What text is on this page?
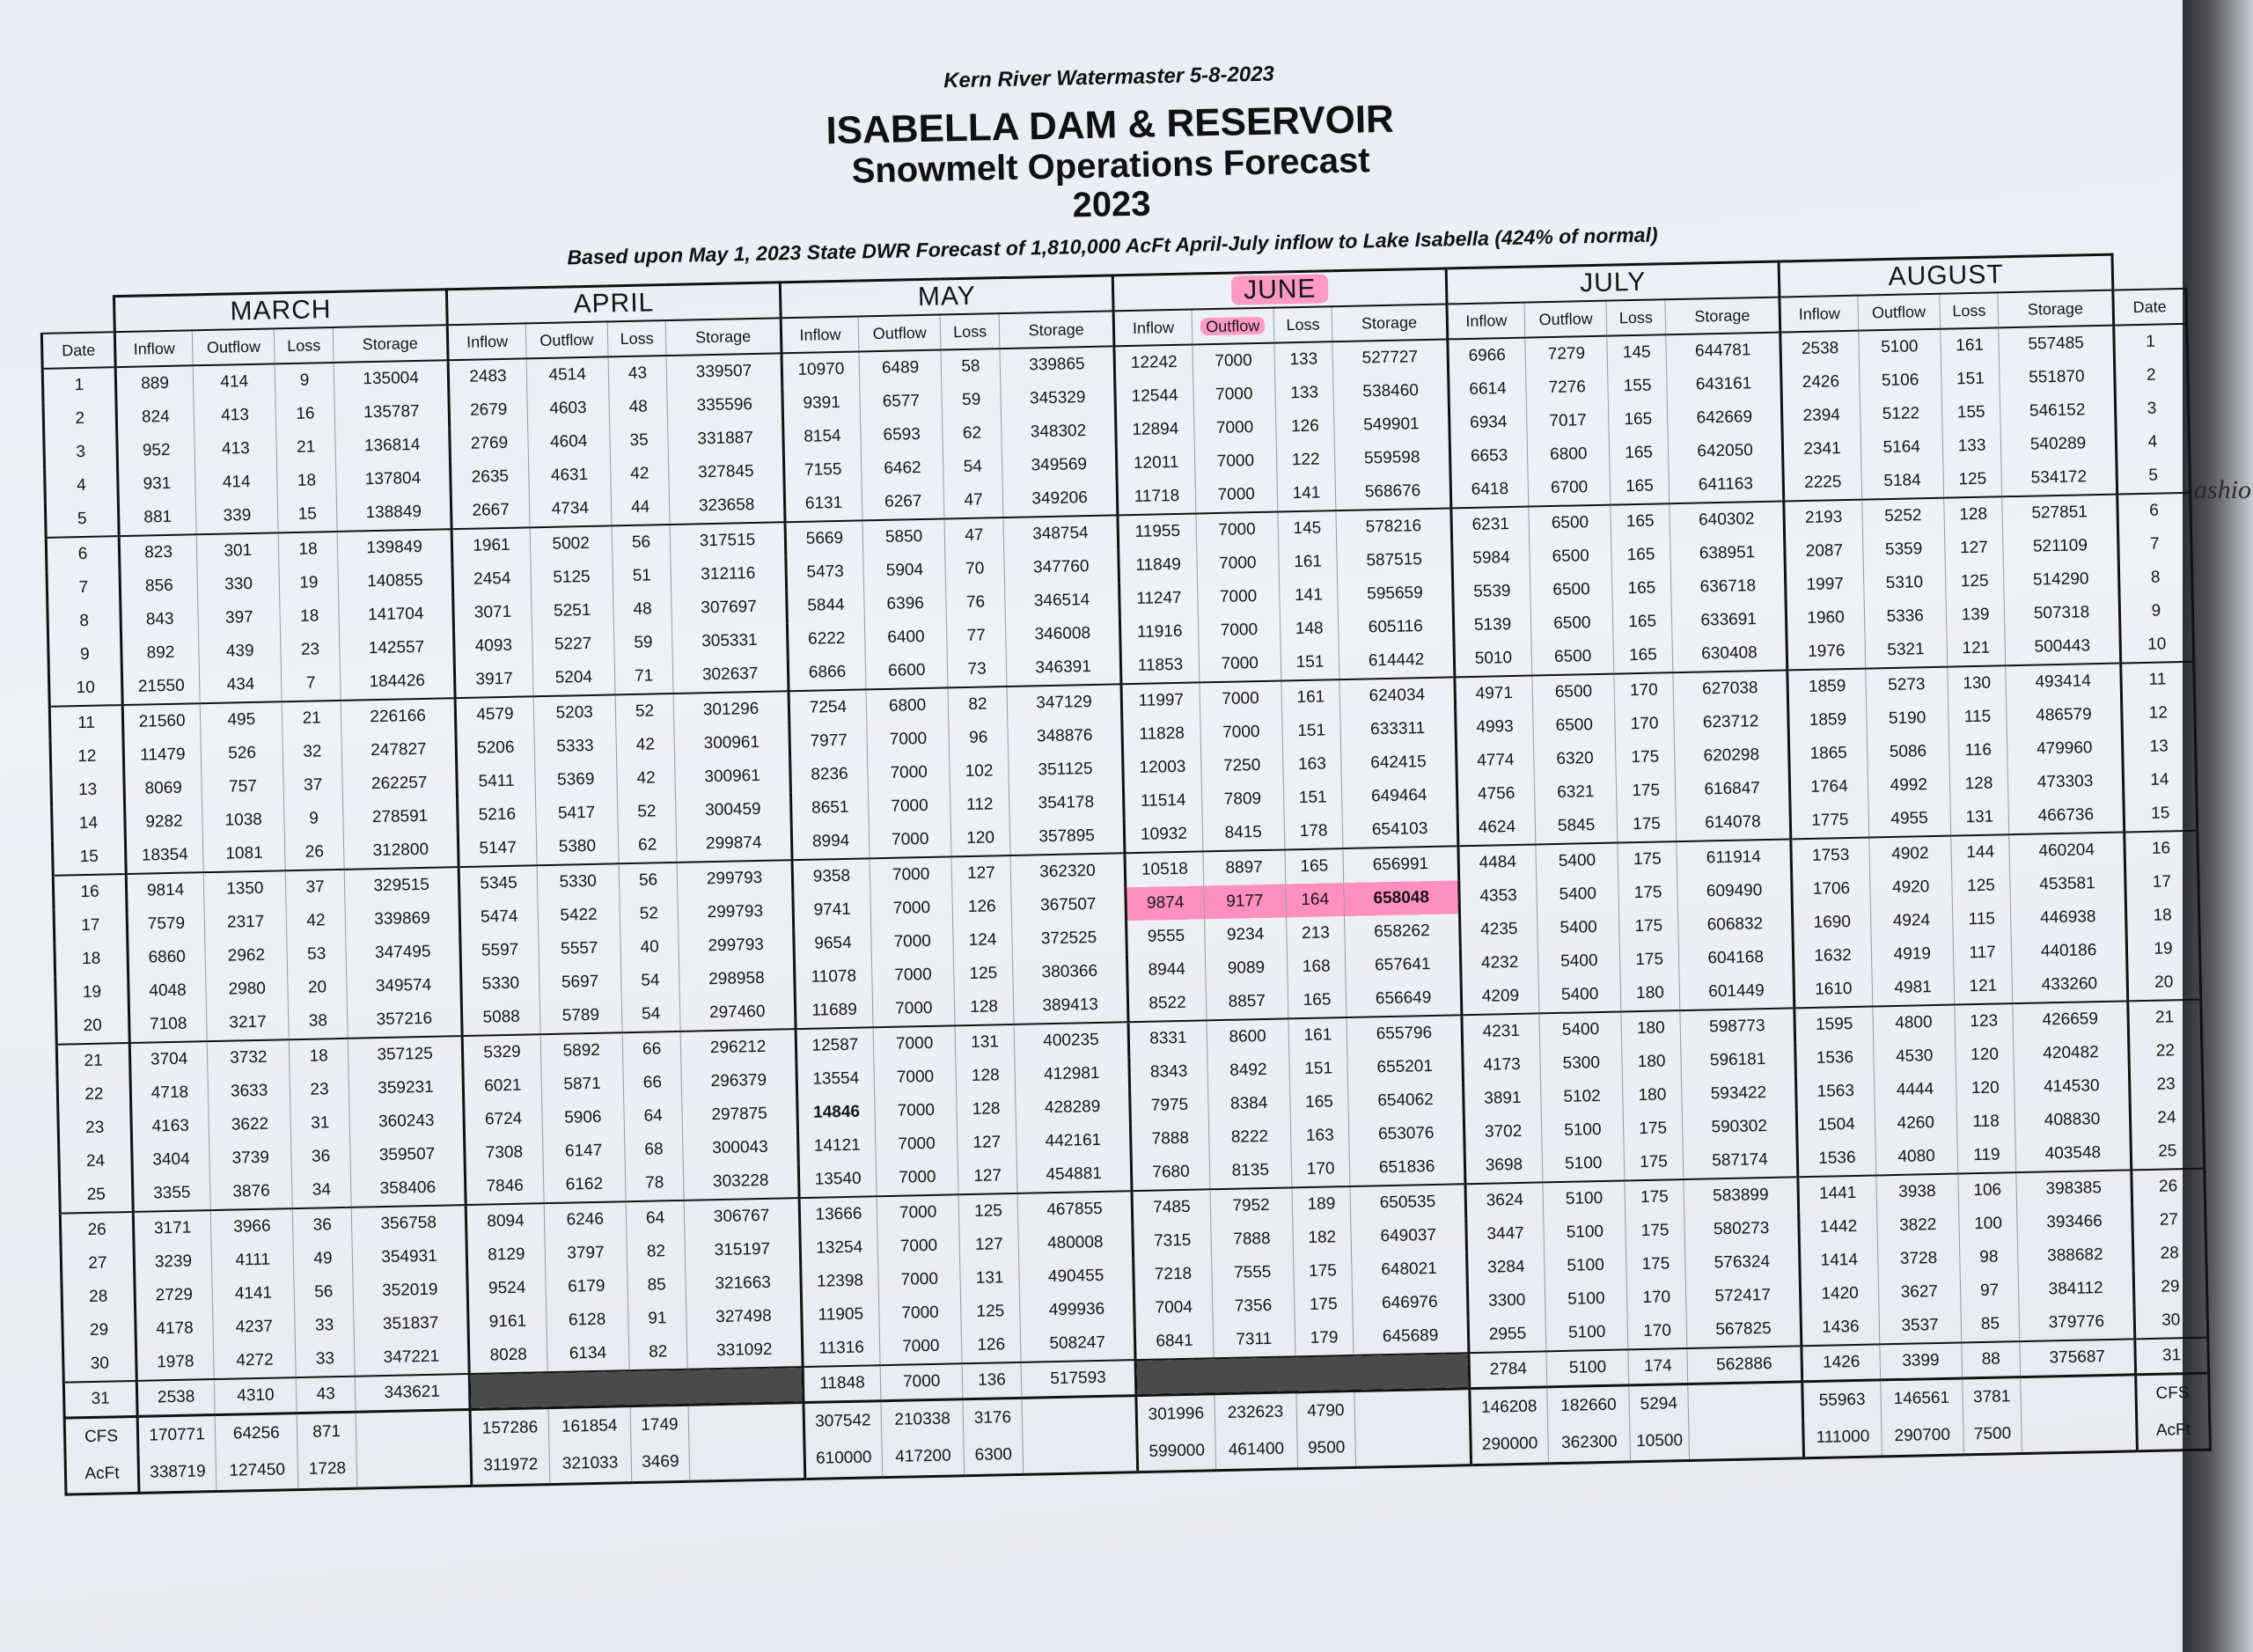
ashio
Kern River Watermaster 5-8-2023
ISABELLA DAM & RESERVOIR
Snowmelt Operations Forecast
2023
Based upon May 1, 2023 State DWR Forecast of 1,810,000 AcFt April-July inflow to Lake Isabella (424% of normal)
	MARCH				APRIL				MAY				JUNE				JULY				AUGUST				
Date	Inflow	Outflow	Loss	Storage	Inflow	Outflow	Loss	Storage	Inflow	Outflow	Loss	Storage	Inflow	Outflow	Loss	Storage	Inflow	Outflow	Loss	Storage	Inflow	Outflow	Loss	Storage	Date
1	889	414	9	135004	2483	4514	43	339507	10970	6489	58	339865	12242	7000	133	527727	6966	7279	145	644781	2538	5100	161	557485	1
2	824	413	16	135787	2679	4603	48	335596	9391	6577	59	345329	12544	7000	133	538460	6614	7276	155	643161	2426	5106	151	551870	2
3	952	413	21	136814	2769	4604	35	331887	8154	6593	62	348302	12894	7000	126	549901	6934	7017	165	642669	2394	5122	155	546152	3
4	931	414	18	137804	2635	4631	42	327845	7155	6462	54	349569	12011	7000	122	559598	6653	6800	165	642050	2341	5164	133	540289	4
5	881	339	15	138849	2667	4734	44	323658	6131	6267	47	349206	11718	7000	141	568676	6418	6700	165	641163	2225	5184	125	534172	5
6	823	301	18	139849	1961	5002	56	317515	5669	5850	47	348754	11955	7000	145	578216	6231	6500	165	640302	2193	5252	128	527851	6
7	856	330	19	140855	2454	5125	51	312116	5473	5904	70	347760	11849	7000	161	587515	5984	6500	165	638951	2087	5359	127	521109	7
8	843	397	18	141704	3071	5251	48	307697	5844	6396	76	346514	11247	7000	141	595659	5539	6500	165	636718	1997	5310	125	514290	8
9	892	439	23	142557	4093	5227	59	305331	6222	6400	77	346008	11916	7000	148	605116	5139	6500	165	633691	1960	5336	139	507318	9
10	21550	434	7	184426	3917	5204	71	302637	6866	6600	73	346391	11853	7000	151	614442	5010	6500	165	630408	1976	5321	121	500443	10
11	21560	495	21	226166	4579	5203	52	301296	7254	6800	82	347129	11997	7000	161	624034	4971	6500	170	627038	1859	5273	130	493414	11
12	11479	526	32	247827	5206	5333	42	300961	7977	7000	96	348876	11828	7000	151	633311	4993	6500	170	623712	1859	5190	115	486579	12
13	8069	757	37	262257	5411	5369	42	300961	8236	7000	102	351125	12003	7250	163	642415	4774	6320	175	620298	1865	5086	116	479960	13
14	9282	1038	9	278591	5216	5417	52	300459	8651	7000	112	354178	11514	7809	151	649464	4756	6321	175	616847	1764	4992	128	473303	14
15	18354	1081	26	312800	5147	5380	62	299874	8994	7000	120	357895	10932	8415	178	654103	4624	5845	175	614078	1775	4955	131	466736	15
16	9814	1350	37	329515	5345	5330	56	299793	9358	7000	127	362320	10518	8897	165	656991	4484	5400	175	611914	1753	4902	144	460204	16
17	7579	2317	42	339869	5474	5422	52	299793	9741	7000	126	367507	9874	9177	164	658048	4353	5400	175	609490	1706	4920	125	453581	17
18	6860	2962	53	347495	5597	5557	40	299793	9654	7000	124	372525	9555	9234	213	658262	4235	5400	175	606832	1690	4924	115	446938	18
19	4048	2980	20	349574	5330	5697	54	298958	11078	7000	125	380366	8944	9089	168	657641	4232	5400	175	604168	1632	4919	117	440186	19
20	7108	3217	38	357216	5088	5789	54	297460	11689	7000	128	389413	8522	8857	165	656649	4209	5400	180	601449	1610	4981	121	433260	20
21	3704	3732	18	357125	5329	5892	66	296212	12587	7000	131	400235	8331	8600	161	655796	4231	5400	180	598773	1595	4800	123	426659	21
22	4718	3633	23	359231	6021	5871	66	296379	13554	7000	128	412981	8343	8492	151	655201	4173	5300	180	596181	1536	4530	120	420482	22
23	4163	3622	31	360243	6724	5906	64	297875	14846	7000	128	428289	7975	8384	165	654062	3891	5102	180	593422	1563	4444	120	414530	23
24	3404	3739	36	359507	7308	6147	68	300043	14121	7000	127	442161	7888	8222	163	653076	3702	5100	175	590302	1504	4260	118	408830	24
25	3355	3876	34	358406	7846	6162	78	303228	13540	7000	127	454881	7680	8135	170	651836	3698	5100	175	587174	1536	4080	119	403548	25
26	3171	3966	36	356758	8094	6246	64	306767	13666	7000	125	467855	7485	7952	189	650535	3624	5100	175	583899	1441	3938	106	398385	26
27	3239	4111	49	354931	8129	3797	82	315197	13254	7000	127	480008	7315	7888	182	649037	3447	5100	175	580273	1442	3822	100	393466	27
28	2729	4141	56	352019	9524	6179	85	321663	12398	7000	131	490455	7218	7555	175	648021	3284	5100	175	576324	1414	3728	98	388682	28
29	4178	4237	33	351837	9161	6128	91	327498	11905	7000	125	499936	7004	7356	175	646976	3300	5100	170	572417	1420	3627	97	384112	29
30	1978	4272	33	347221	8028	6134	82	331092	11316	7000	126	508247	6841	7311	179	645689	2955	5100	170	567825	1436	3537	85	379776	30
31	2538	4310	43	343621					11848	7000	136	517593					2784	5100	174	562886	1426	3399	88	375687	31
CFS	170771	64256	871		157286	161854	1749		307542	210338	3176		301996	232623	4790		146208	182660	5294		55963	146561	3781		CFS
AcFt	338719	127450	1728		311972	321033	3469		610000	417200	6300		599000	461400	9500		290000	362300	10500		111000	290700	7500		AcFt
